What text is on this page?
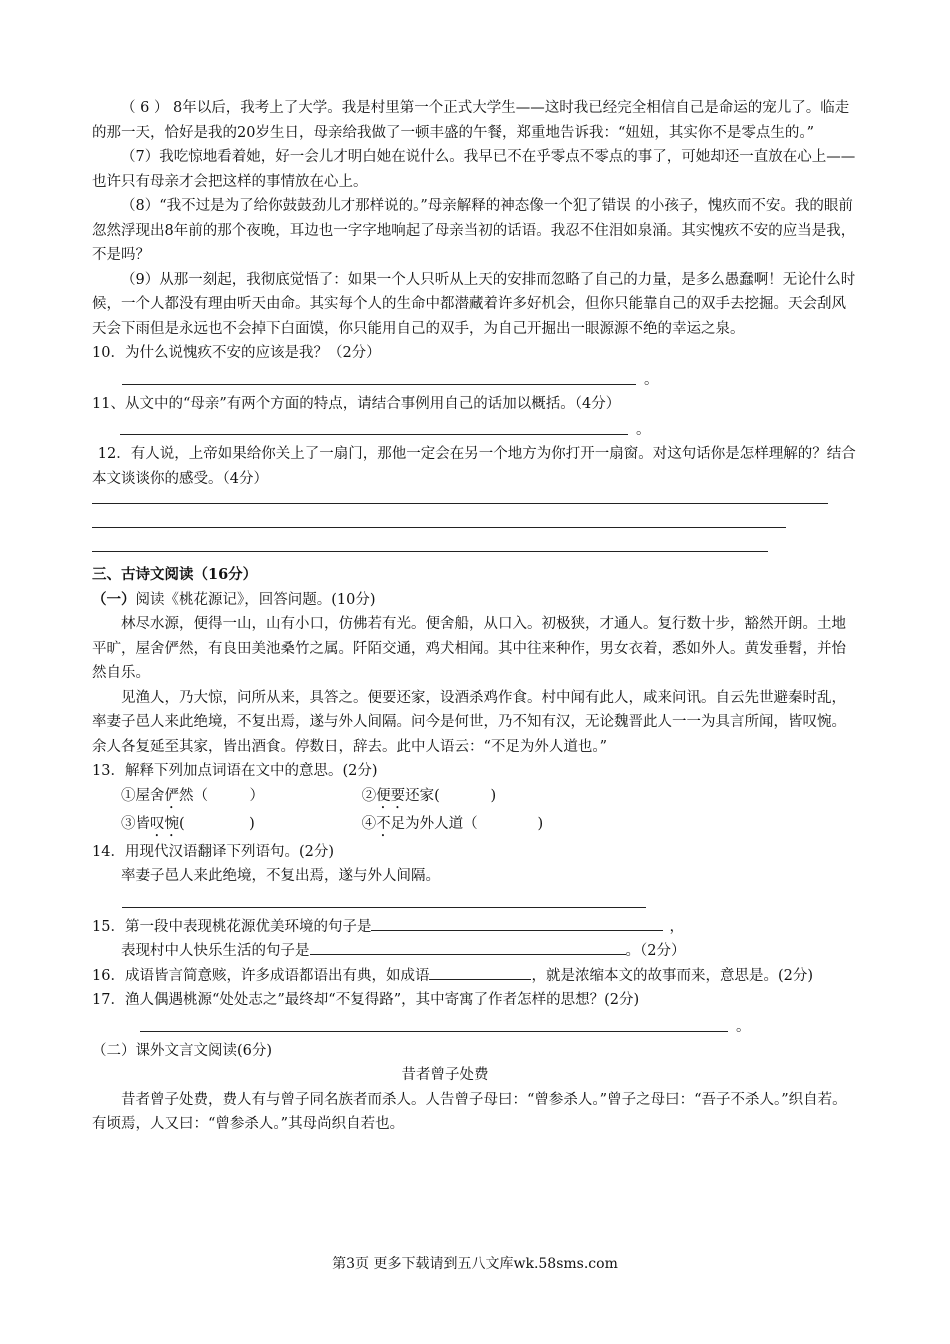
（ 6 ） 8年以后，我考上了大学。我是村里第一个正式大学生——这时我已经完全相信自己是命运的宠儿了。临走的那一天，恰好是我的20岁生日，母亲给我做了一顿丰盛的午餐，郑重地告诉我：“妞妞，其实你不是零点生的。”

（7）我吃惊地看着她，好一会儿才明白她在说什么。我早已不在乎零点不零点的事了，可她却还一直放在心上——也许只有母亲才会把这样的事情放在心上。

（8）“我不过是为了给你鼓鼓劲儿才那样说的。”母亲解释的神态像一个犯了错误 的小孩子，愧疚而不安。我的眼前忽然浮现出8年前的那个夜晚，耳边也一字字地响起了母亲当初的话语。我忍不住泪如泉涌。其实愧疚不安的应当是我，不是吗？

（9）从那一刻起，我彻底觉悟了：如果一个人只听从上天的安排而忽略了自己的力量，是多么愚蠢啊！无论什么时候，一个人都没有理由听天由命。其实每个人的生命中都潜藏着许多好机会，但你只能靠自己的双手去挖掘。天会刮风天会下雨但是永远也不会掉下白面馍，你只能用自己的双手，为自己开掘出一眼源源不绝的幸运之泉。

10．为什么说愧疚不安的应该是我？（2分）

。

11、从文中的“母亲”有两个方面的特点，请结合事例用自己的话加以概括。（4分）

。

12．有人说，上帝如果给你关上了一扇门，那他一定会在另一个地方为你打开一扇窗。对这句话你是怎样理解的？结合本文谈谈你的感受。（4分）

三、古诗文阅读（16分）

（一）阅读《桃花源记》，回答问题。(10分)

林尽水源，便得一山，山有小口，仿佛若有光。便舍船，从口入。初极狭，才通人。复行数十步，豁然开朗。土地平旷，屋舍俨然，有良田美池桑竹之属。阡陌交通，鸡犬相闻。其中往来种作，男女衣着，悉如外人。黄发垂髫，并怡然自乐。

见渔人，乃大惊，问所从来，具答之。便要还家，设酒杀鸡作食。村中闻有此人，咸来问讯。自云先世避秦时乱，率妻子邑人来此绝境，不复出焉，遂与外人间隔。问今是何世，乃不知有汉，无论魏晋此人一一为具言所闻，皆叹惋。余人各复延至其家，皆出酒食。停数日，辞去。此中人语云：“不足为外人道也。”

13．解释下列加点词语在文中的意思。(2分)

①屋舍俨然（         ）	②便要还家(           )

③皆叹惋(              )	④不足为外人道（             )

14．用现代汉语翻译下列语句。(2分)

率妻子邑人来此绝境，不复出焉，遂与外人间隔。

15．第一段中表现桃花源优美环境的句子是	，

表现村中人快乐生活的句子是	。（2分）

16．成语皆言简意赅，许多成语都语出有典，如成语	，就是浓缩本文的故事而来，意思是。(2分)

17．渔人偶遇桃源“处处志之”最终却“不复得路”，其中寄寓了作者怎样的思想？(2分)

。

（二）课外文言文阅读(6分)

昔者曾子处费

昔者曾子处费，费人有与曾子同名族者而杀人。人告曾子母曰：“曾参杀人。”曾子之母曰：“吾子不杀人。”织自若。有顷焉，人又曰：“曾参杀人。”其母尚织自若也。

第3页 更多下载请到五八文库wk.58sms.com
